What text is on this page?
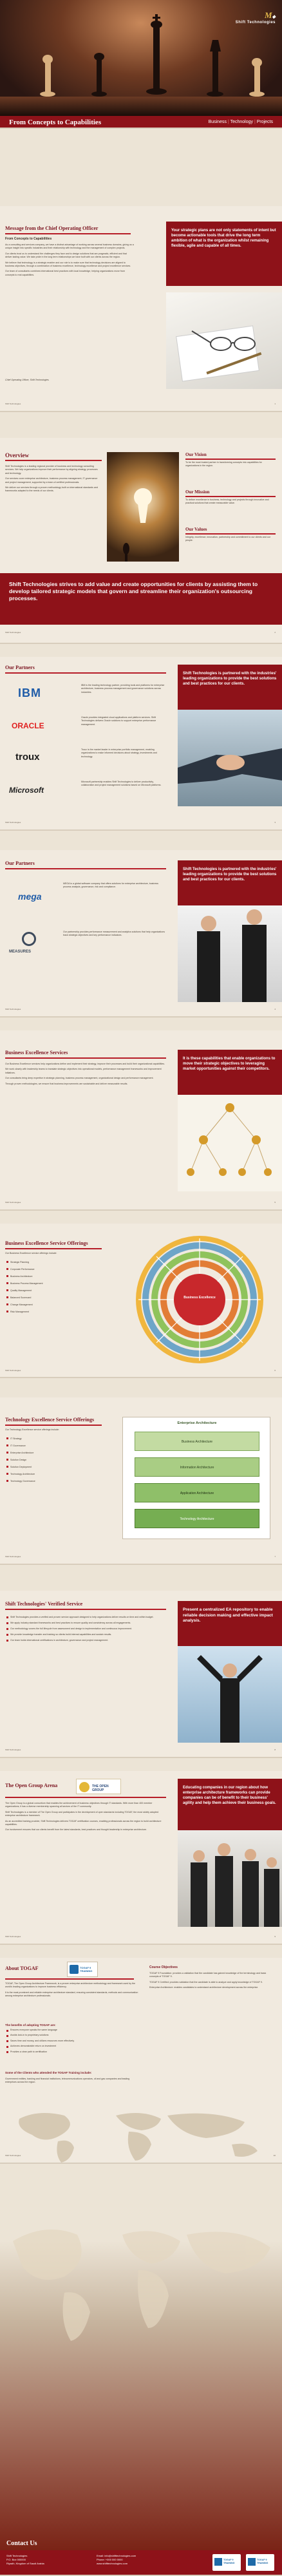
M◆
Shift Technologies
From Concepts to Capabilities	Business | Technology | Projects
Message from the Chief Operating Officer
From Concepts to Capabilities

As a consulting and services company, we have a distinct advantage of working across several business domains, giving us a unique insight into specific industries and their relationship with technology and the management of complex projects.

Our clients trust us to understand the challenges they face and to design solutions that are pragmatic, efficient and that deliver lasting value. We take pride in the long term relationships we have built with our clients across the region.

We believe that technology is a strategic enabler and our role is to make sure that technology decisions are aligned to business objectives, through a combination of business excellence, technology excellence and project excellence services.

Our team of consultants combines international best practices with local knowledge, helping organizations move from concepts to real capabilities.

Chief Operating Officer, Shift Technologies
Your strategic plans are not only statements of intent but become actionable tools that drive the long term ambition of what is the organization whilst remaining flexible, agile and capable of all times.
Shift Technologies	1
Overview

Shift Technologies is a leading regional provider of business and technology consulting services. We help organizations improve their performance by aligning strategy, processes and technology.

Our services cover enterprise architecture, business process management, IT governance and project management, supported by a team of certified professionals.

We deliver our services through a proven methodology built on international standards and frameworks adapted to the needs of our clients.

Our Vision
To be the most trusted partner in transforming concepts into capabilities for organizations in the region.
Our Mission
To deliver excellence in business, technology and projects through innovative and practical solutions that create measurable value.
Our Values
Integrity, excellence, innovation, partnership and commitment to our clients and our people.
Shift Technologies strives to add value and create opportunities for clients by assisting them to develop tailored strategic models that govern and streamline their organization's outsourcing processes.
Shift Technologies	2
Our Partners
IBM
IBM is the leading technology partner, providing tools and platforms for enterprise architecture, business process management and governance solutions across industries.
ORACLE
Oracle provides integrated cloud applications and platform services. Shift Technologies delivers Oracle solutions to support enterprise performance management.
troux
Troux is the market leader in enterprise portfolio management, enabling organizations to make informed decisions about strategy, investments and technology.
Microsoft
Microsoft partnership enables Shift Technologies to deliver productivity, collaboration and project management solutions based on Microsoft platforms.
Shift Technologies is partnered with the industries' leading organizations to provide the best solutions and best practices for our clients.
Shift Technologies	3
Our Partners
mega
MEGA is a global software company that offers solutions for enterprise architecture, business process analysis, governance, risk and compliance.
MEASURES
Our partnership provides performance measurement and analytics solutions that help organizations track strategic objectives and key performance indicators.
Shift Technologies is partnered with the industries' leading organizations to provide the best solutions and best practices for our clients.
Shift Technologies	4
Business Excellence Services

Our Business Excellence services help organizations define and implement their strategy, improve their processes and build their organizational capabilities.

We work closely with leadership teams to translate strategic objectives into operational models, performance management frameworks and improvement initiatives.

Our consultants bring deep expertise in strategic planning, business process management, organizational design and performance management.

Through proven methodologies, we ensure that business improvements are sustainable and deliver measurable results.

It is these capabilities that enable organizations to move their strategic objectives to leveraging market opportunities against their competitors.
Shift Technologies	5
Business Excellence Service Offerings
Our Business Excellence service offerings include:
Strategic Planning
Corporate Performance
Business Architecture
Business Process Management
Quality Management
Balanced Scorecard
Change Management
Risk Management
Business Excellence
Shift Technologies	6
Technology Excellence Service Offerings
Our Technology Excellence service offerings include:
IT Strategy
IT Governance
Enterprise Architecture
Solution Design
Solution Deployment
Technology Architecture
Technology Governance
Enterprise Architecture
Business Architecture
Information Architecture
Application Architecture
Technology Architecture
Shift Technologies	7
Shift Technologies' Verified Service
Shift Technologies provides a verified and proven service approach designed to help organizations deliver results on time and within budget.
We apply industry standard frameworks and best practices to ensure quality and consistency across all engagements.
Our methodology covers the full lifecycle from assessment and design to implementation and continuous improvement.
We provide knowledge transfer and training so clients build internal capabilities and sustain results.
Our team holds international certifications in architecture, governance and project management.
Present a centralized EA repository to enable reliable decision making and effective impact analysis.
Shift Technologies	8
The Open Group Arena	THE OPEN GROUP

The Open Group is a global consortium that enables the achievement of business objectives through IT standards. With more than 400 member organizations, it has a diverse membership spanning all sectors of the IT community.

Shift Technologies is a member of The Open Group and participates in the development of open standards including TOGAF, the most widely adopted enterprise architecture framework.

As an accredited training provider, Shift Technologies delivers TOGAF certification courses, enabling professionals across the region to build architecture capabilities.

Our involvement ensures that our clients benefit from the latest standards, best practices and thought leadership in enterprise architecture.

Educating companies in our region about how enterprise architecture frameworks can provide companies can be of benefit to their business' agility and help them achieve their business goals.
Shift Technologies	9
About TOGAF	TOGAF 9 TRAINING

TOGAF, The Open Group Architecture Framework, is a proven enterprise architecture methodology and framework used by the world's leading organizations to improve business efficiency.

It is the most prominent and reliable enterprise architecture standard, ensuring consistent standards, methods and communication among enterprise architecture professionals.

The benefits of adopting TOGAF are:
Ensures everyone speaks the same language
Avoids lock-in to proprietary solutions
Saves time and money, and utilizes resources more effectively
Achieves demonstrable return on investment
Provides a clear path to certification
Some of the Clients who attended the TOGAF Training include:
Government entities, banking and financial institutions, telecommunications operators, oil and gas companies and leading enterprises across the region.
Course Objectives

TOGAF 9 Foundation: provides a validation that the candidate has gained knowledge of the terminology and basic concepts of TOGAF 9.

TOGAF 9 Certified: provides validation that the candidate is able to analyze and apply knowledge of TOGAF 9.

Enterprise Architecture: enables candidates to understand architecture development across the enterprise.

Shift Technologies	10
Contact Us
Shift Technologies
P.O. Box 000000
Riyadh, Kingdom of Saudi Arabia
Email: info@shifttechnologies.com
Phone: +000 000 0000
www.shifttechnologies.com
TOGAF 9 TRAINING
TOGAF 9 TRAINING
